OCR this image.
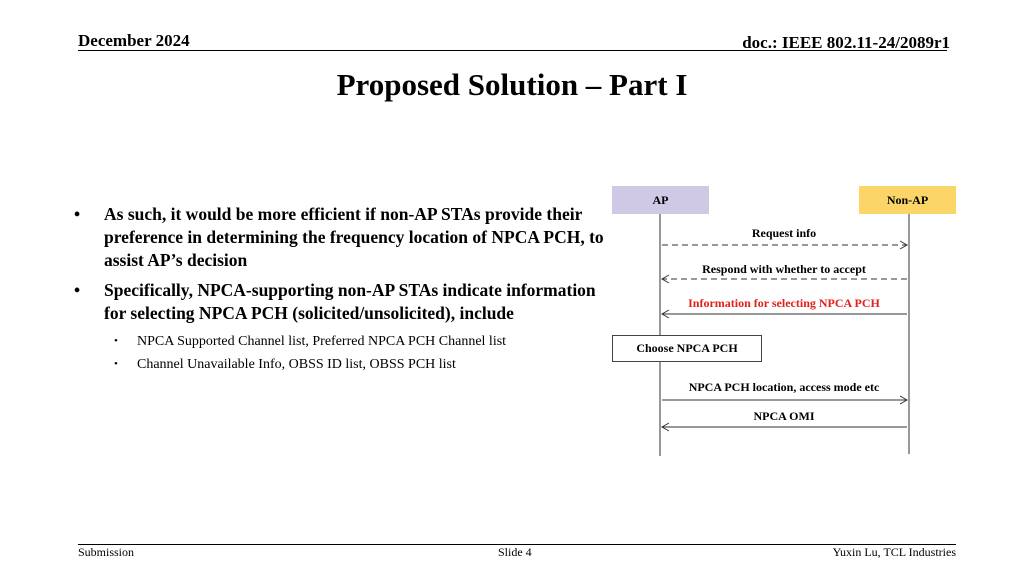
December 2024	doc.: IEEE 802.11-24/2089r1
Proposed Solution – Part I
• As such, it would be more efficient if non-AP STAs provide their preference in determining the frequency location of NPCA PCH, to assist AP’s decision
• Specifically, NPCA-supporting non-AP STAs indicate information for selecting NPCA PCH (solicited/unsolicited), include
• NPCA Supported Channel list, Preferred NPCA PCH Channel list
• Channel Unavailable Info, OBSS ID list, OBSS PCH list
AP	Non-AP
Request info
Respond with whether to accept
Information for selecting NPCA PCH
Choose NPCA PCH
NPCA PCH location, access mode etc
NPCA OMI
Submission	Slide 4	Yuxin Lu, TCL Industries
